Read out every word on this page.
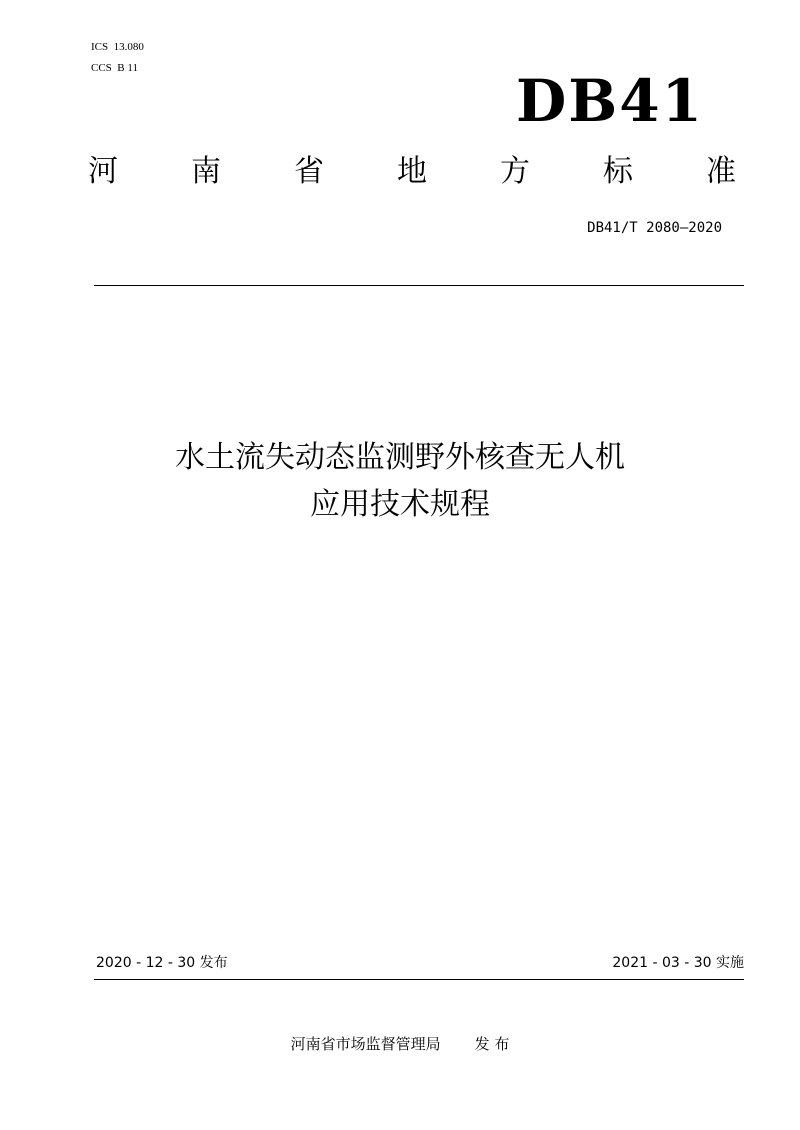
ICS  13.080
CCS  B 11	DB41
河 南 省 地 方 标 准
DB41/T 2080—2020
水土流失动态监测野外核查无人机
应用技术规程
2020 - 12 - 30 发布	2021 - 03 - 30 实施
河南省市场监督管理局 发 布
